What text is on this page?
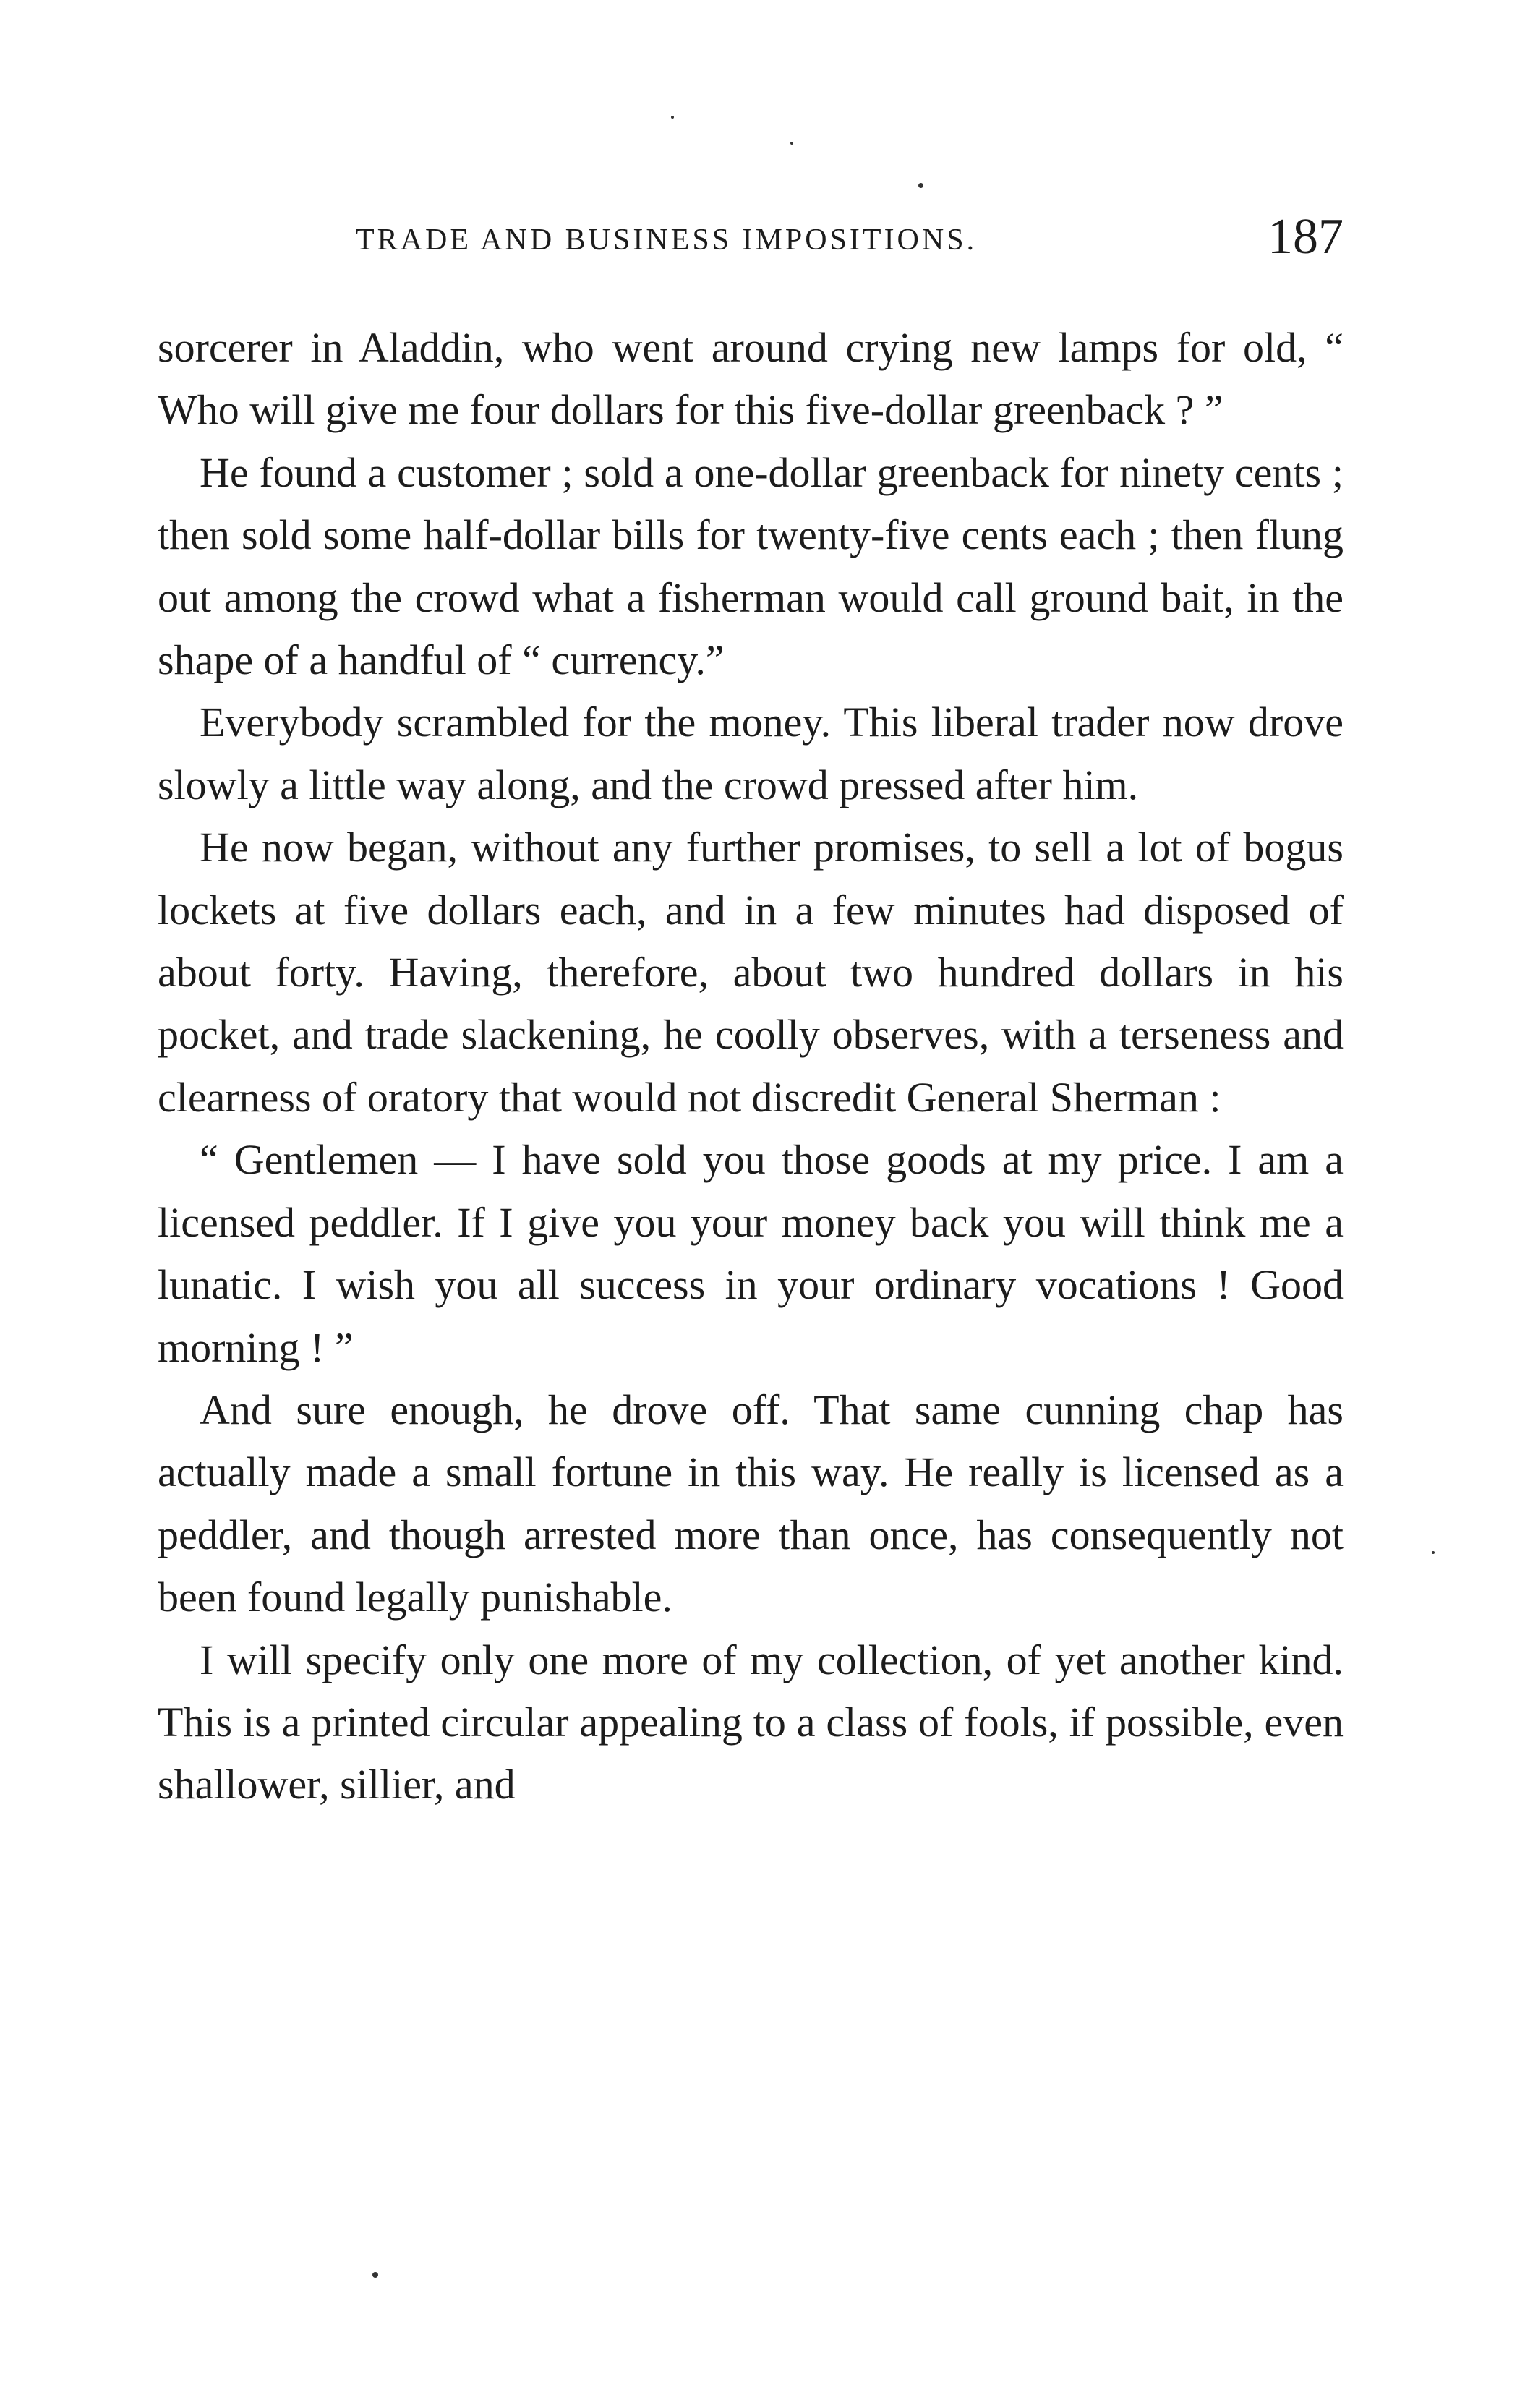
TRADE AND BUSINESS IMPOSITIONS.	187

sorcerer in Aladdin, who went around crying new lamps for old, “ Who will give me four dollars for this five-dollar greenback ? ”

He found a customer ; sold a one-dollar greenback for ninety cents ; then sold some half-dollar bills for twenty-five cents each ; then flung out among the crowd what a fisherman would call ground bait, in the shape of a handful of “ currency.”

Everybody scrambled for the money. This liberal trader now drove slowly a little way along, and the crowd pressed after him.

He now began, without any further promises, to sell a lot of bogus lockets at five dollars each, and in a few minutes had disposed of about forty. Having, therefore, about two hundred dollars in his pocket, and trade slackening, he coolly observes, with a terseness and clearness of oratory that would not discredit General Sherman :

“ Gentlemen — I have sold you those goods at my price. I am a licensed peddler. If I give you your money back you will think me a lunatic. I wish you all success in your ordinary vocations ! Good morning ! ”

And sure enough, he drove off. That same cunning chap has actually made a small fortune in this way. He really is licensed as a peddler, and though arrested more than once, has consequently not been found legally punishable.

I will specify only one more of my collection, of yet another kind. This is a printed circular appealing to a class of fools, if possible, even shallower, sillier, and
